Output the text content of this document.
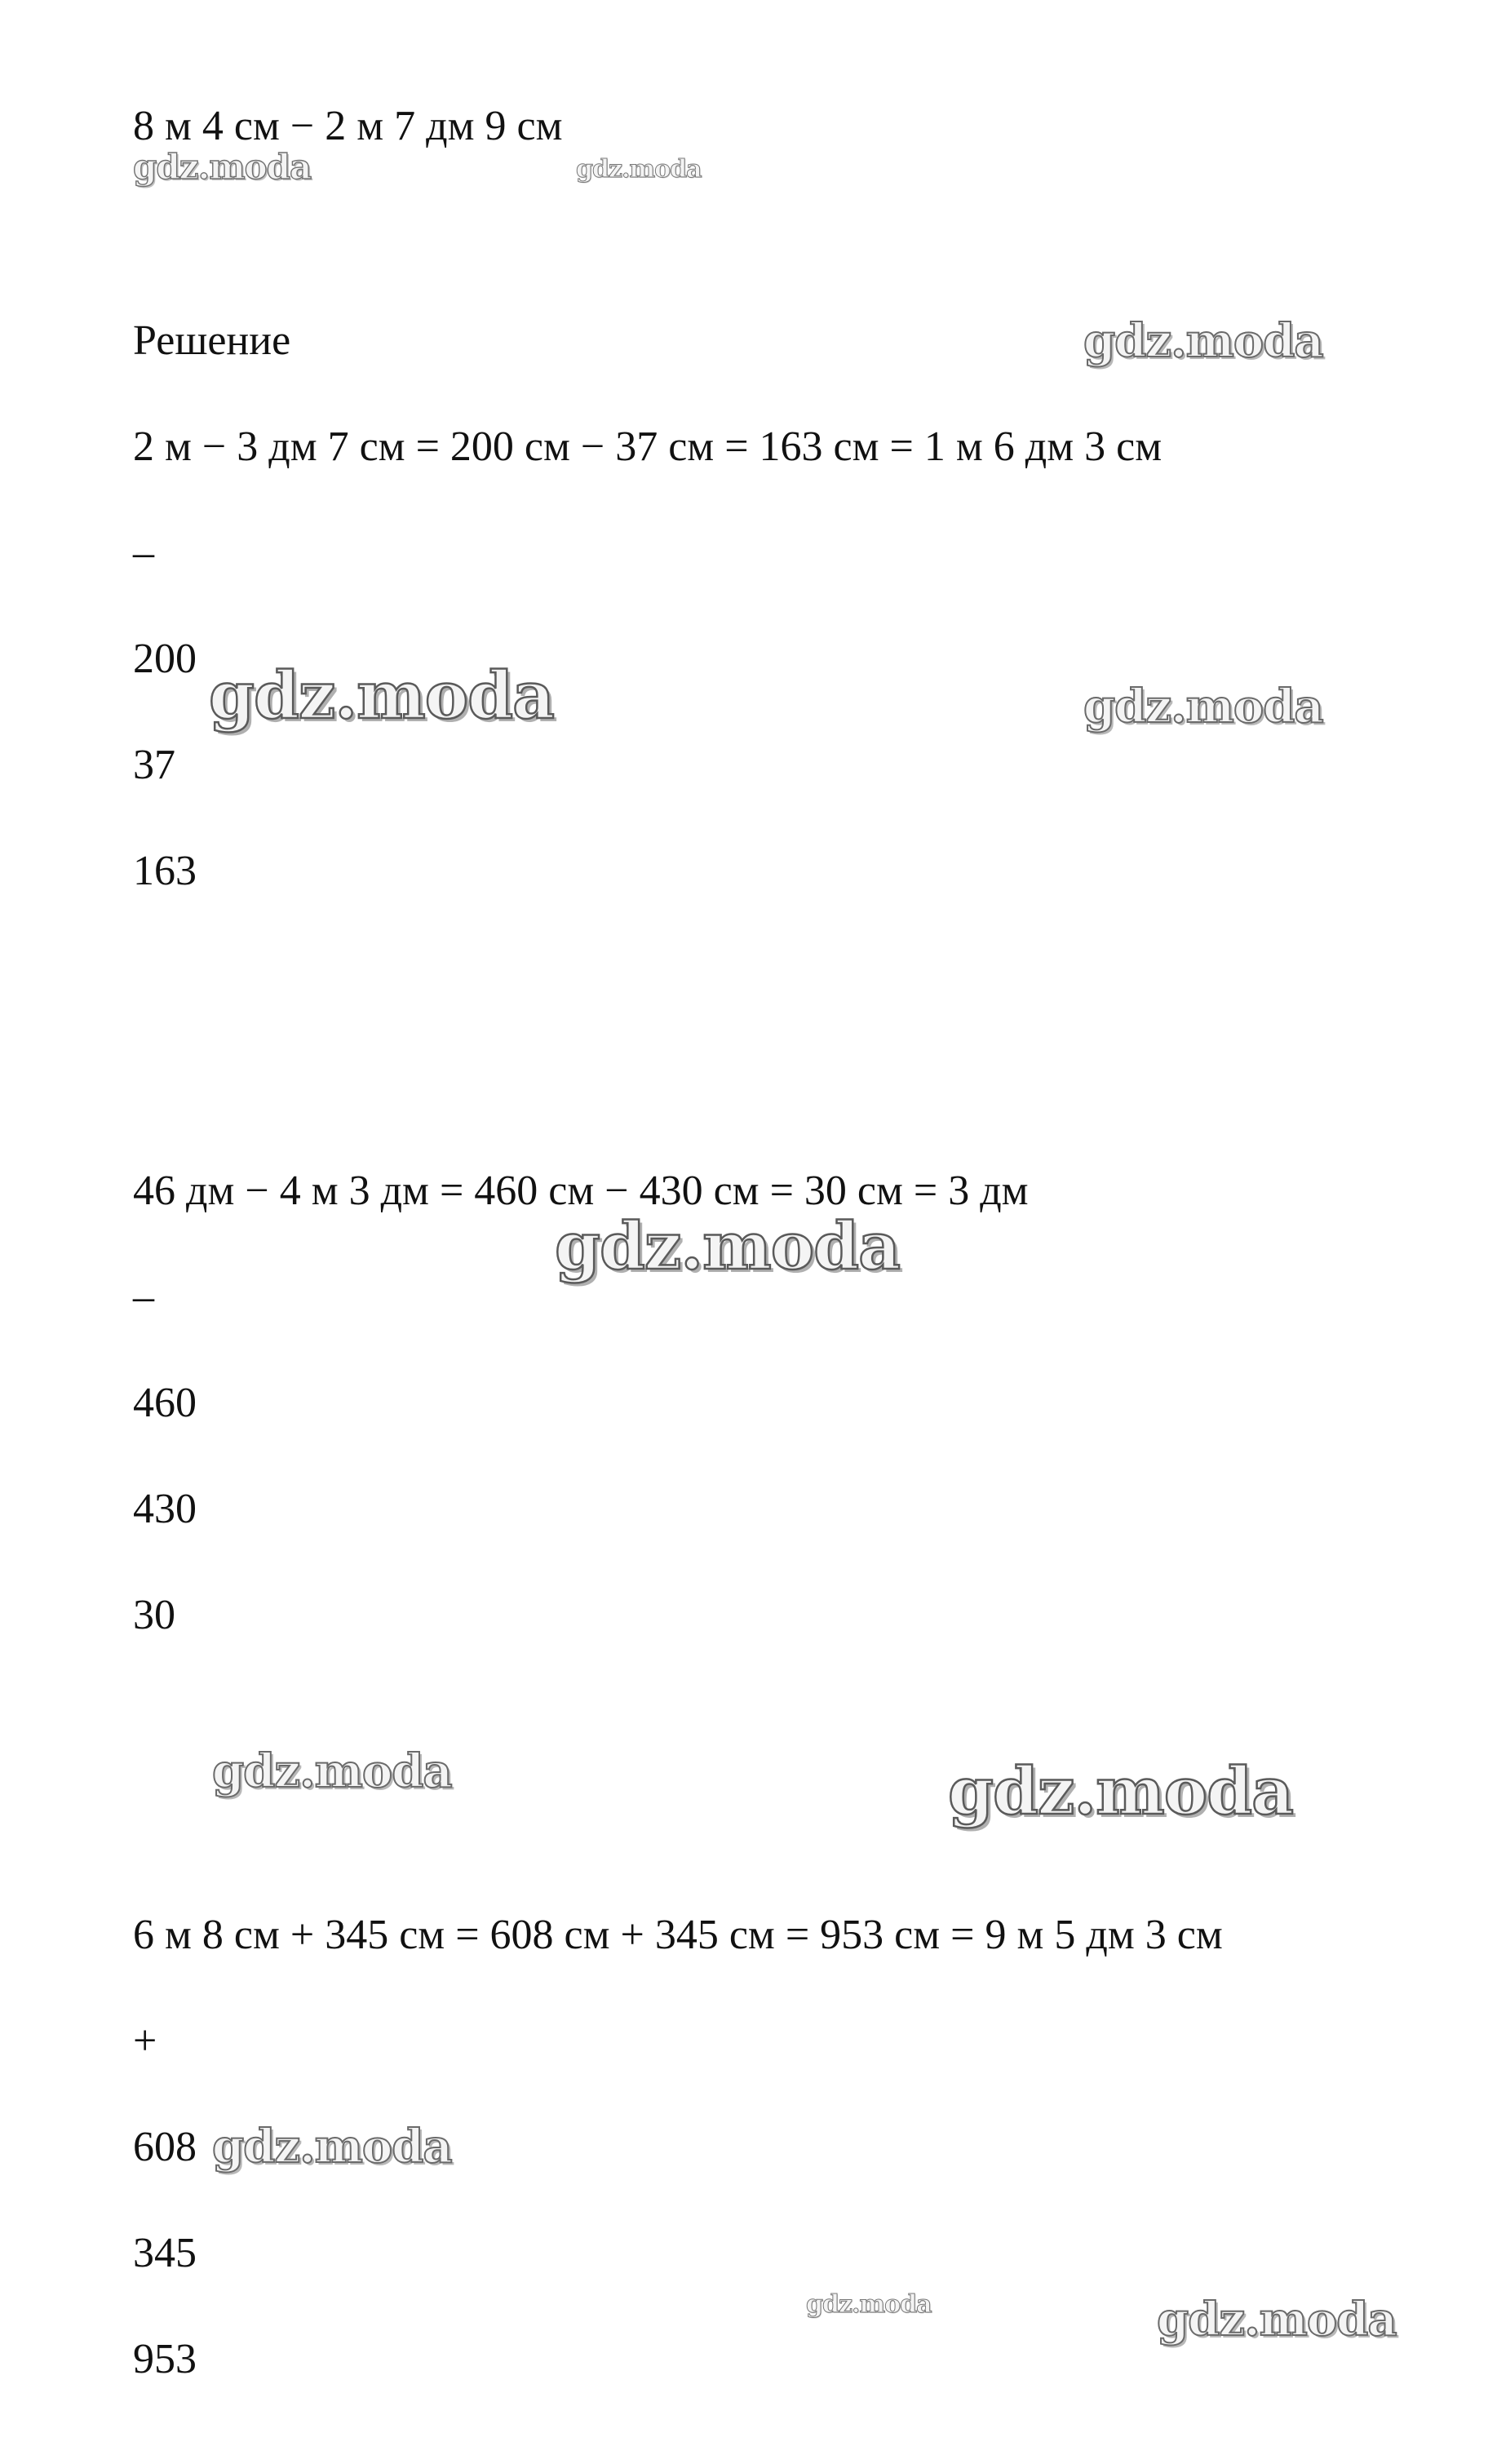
8 м 4 см − 2 м 7 дм 9 см
Решение
2 м − 3 дм 7 см = 200 см − 37 см = 163 см = 1 м 6 дм 3 см
–
200
37
163
46 дм − 4 м 3 дм = 460 см − 430 см = 30 см = 3 дм
–
460
430
30
6 м 8 см + 345 см = 608 см + 345 см = 953 см = 9 м 5 дм 3 см
+
608
345
953
gdz.moda	gdz.moda
gdz.moda
gdz.moda	gdz.moda
gdz.moda
gdz.moda	gdz.moda
gdz.moda
gdz.moda	gdz.moda
